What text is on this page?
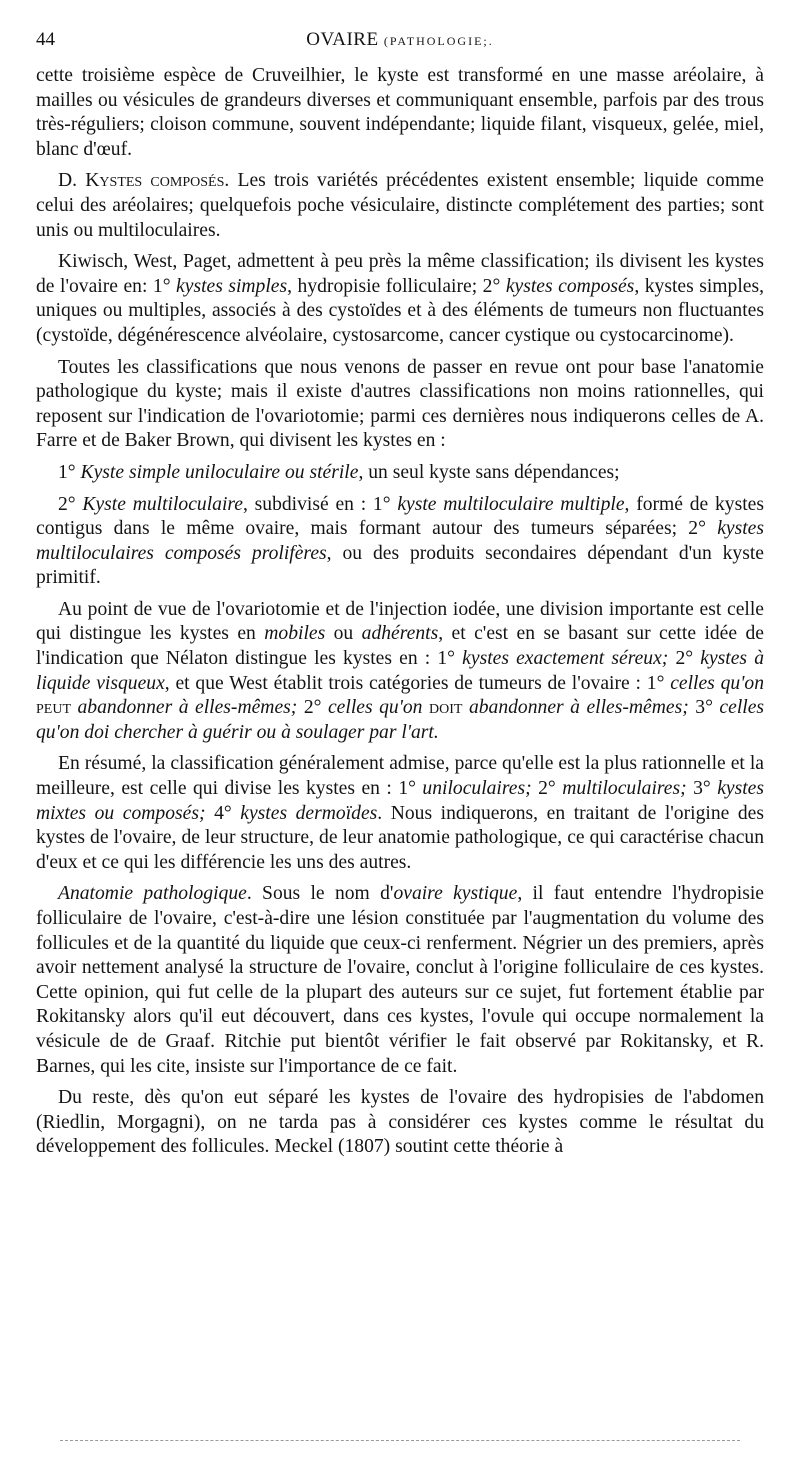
44	OVAIRE (PATHOLOGIE;.

cette troisième espèce de Cruveilhier, le kyste est transformé en une masse aréolaire, à mailles ou vésicules de grandeurs diverses et communiquant ensemble, parfois par des trous très-réguliers; cloison commune, souvent indépendante; liquide filant, visqueux, gelée, miel, blanc d'œuf.

D. Kystes composés. Les trois variétés précédentes existent ensemble; liquide comme celui des aréolaires; quelquefois poche vésiculaire, distincte complétement des parties; sont unis ou multiloculaires.

Kiwisch, West, Paget, admettent à peu près la même classification; ils divisent les kystes de l'ovaire en: 1° kystes simples, hydropisie folliculaire; 2° kystes composés, kystes simples, uniques ou multiples, associés à des cystoïdes et à des éléments de tumeurs non fluctuantes (cystoïde, dégénérescence alvéolaire, cystosarcome, cancer cystique ou cystocarcinome).

Toutes les classifications que nous venons de passer en revue ont pour base l'anatomie pathologique du kyste; mais il existe d'autres classifications non moins rationnelles, qui reposent sur l'indication de l'ovariotomie; parmi ces dernières nous indiquerons celles de A. Farre et de Baker Brown, qui divisent les kystes en :

1° Kyste simple uniloculaire ou stérile, un seul kyste sans dépendances;

2° Kyste multiloculaire, subdivisé en : 1° kyste multiloculaire multiple, formé de kystes contigus dans le même ovaire, mais formant autour des tumeurs séparées; 2° kystes multiloculaires composés prolifères, ou des produits secondaires dépendant d'un kyste primitif.

Au point de vue de l'ovariotomie et de l'injection iodée, une division importante est celle qui distingue les kystes en mobiles ou adhérents, et c'est en se basant sur cette idée de l'indication que Nélaton distingue les kystes en : 1° kystes exactement séreux; 2° kystes à liquide visqueux, et que West établit trois catégories de tumeurs de l'ovaire : 1° celles qu'on peut abandonner à elles-mêmes; 2° celles qu'on doit abandonner à elles-mêmes; 3° celles qu'on doi chercher à guérir ou à soulager par l'art.

En résumé, la classification généralement admise, parce qu'elle est la plus rationnelle et la meilleure, est celle qui divise les kystes en : 1° uniloculaires; 2° multiloculaires; 3° kystes mixtes ou composés; 4° kystes dermoïdes. Nous indiquerons, en traitant de l'origine des kystes de l'ovaire, de leur structure, de leur anatomie pathologique, ce qui caractérise chacun d'eux et ce qui les différencie les uns des autres.

Anatomie pathologique. Sous le nom d'ovaire kystique, il faut entendre l'hydropisie folliculaire de l'ovaire, c'est-à-dire une lésion constituée par l'augmentation du volume des follicules et de la quantité du liquide que ceux-ci renferment. Négrier un des premiers, après avoir nettement analysé la structure de l'ovaire, conclut à l'origine folliculaire de ces kystes. Cette opinion, qui fut celle de la plupart des auteurs sur ce sujet, fut fortement établie par Rokitansky alors qu'il eut découvert, dans ces kystes, l'ovule qui occupe normalement la vésicule de de Graaf. Ritchie put bientôt vérifier le fait observé par Rokitansky, et R. Barnes, qui les cite, insiste sur l'importance de ce fait.

Du reste, dès qu'on eut séparé les kystes de l'ovaire des hydropisies de l'abdomen (Riedlin, Morgagni), on ne tarda pas à considérer ces kystes comme le résultat du développement des follicules. Meckel (1807) soutint cette théorie à
